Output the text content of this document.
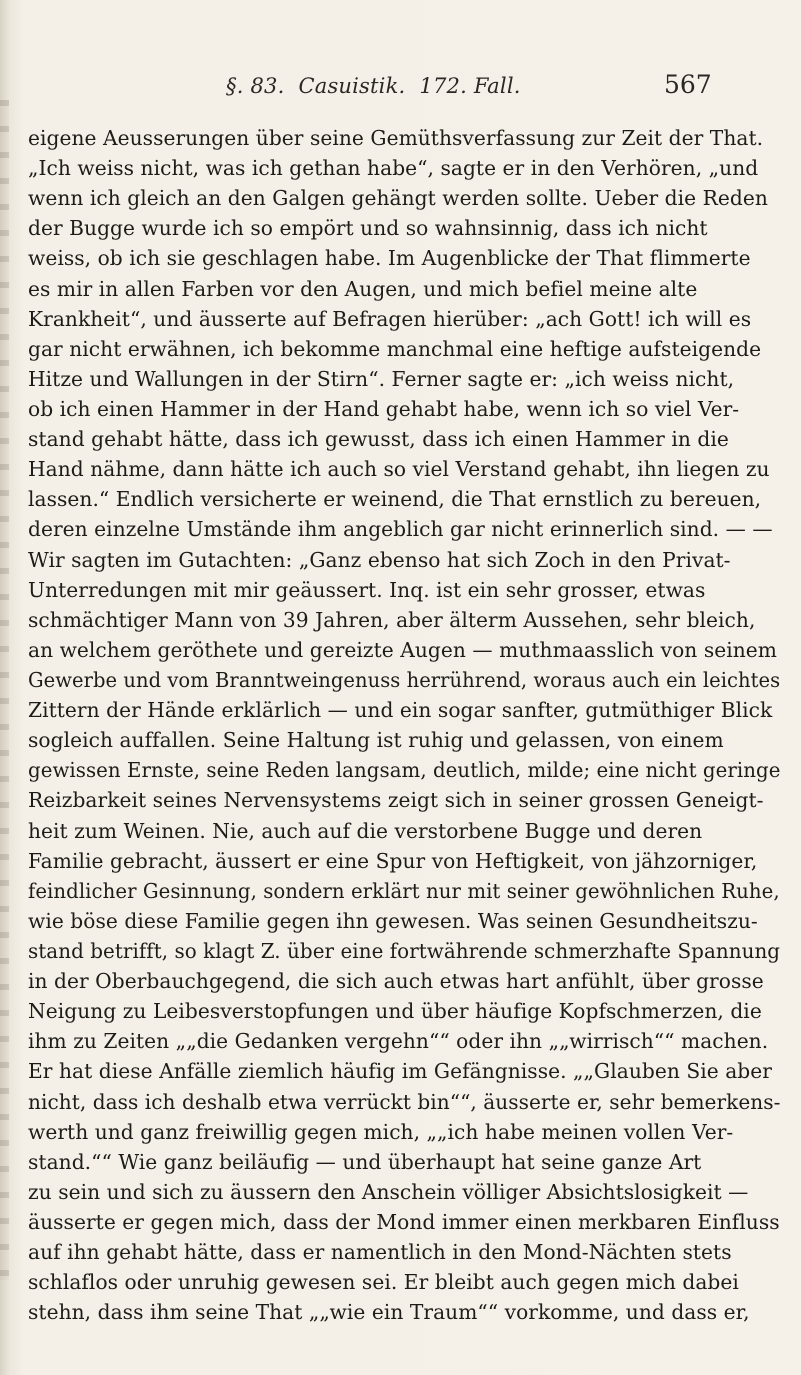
§. 83. Casuistik. 172. Fall.	567
eigene Aeusserungen über seine Gemüthsverfassung zur Zeit der That.
„Ich weiss nicht, was ich gethan habe“, sagte er in den Verhören, „und
wenn ich gleich an den Galgen gehängt werden sollte. Ueber die Reden
der Bugge wurde ich so empört und so wahnsinnig, dass ich nicht
weiss, ob ich sie geschlagen habe. Im Augenblicke der That flimmerte
es mir in allen Farben vor den Augen, und mich befiel meine alte
Krankheit“, und äusserte auf Befragen hierüber: „ach Gott! ich will es
gar nicht erwähnen, ich bekomme manchmal eine heftige aufsteigende
Hitze und Wallungen in der Stirn“. Ferner sagte er: „ich weiss nicht,
ob ich einen Hammer in der Hand gehabt habe, wenn ich so viel Ver-
stand gehabt hätte, dass ich gewusst, dass ich einen Hammer in die
Hand nähme, dann hätte ich auch so viel Verstand gehabt, ihn liegen zu
lassen.“ Endlich versicherte er weinend, die That ernstlich zu bereuen,
deren einzelne Umstände ihm angeblich gar nicht erinnerlich sind. — —
Wir sagten im Gutachten: „Ganz ebenso hat sich Zoch in den Privat-
Unterredungen mit mir geäussert. Inq. ist ein sehr grosser, etwas
schmächtiger Mann von 39 Jahren, aber älterm Aussehen, sehr bleich,
an welchem geröthete und gereizte Augen — muthmaasslich von seinem
Gewerbe und vom Branntweingenuss herrührend, woraus auch ein leichtes
Zittern der Hände erklärlich — und ein sogar sanfter, gutmüthiger Blick
sogleich auffallen. Seine Haltung ist ruhig und gelassen, von einem
gewissen Ernste, seine Reden langsam, deutlich, milde; eine nicht geringe
Reizbarkeit seines Nervensystems zeigt sich in seiner grossen Geneigt-
heit zum Weinen. Nie, auch auf die verstorbene Bugge und deren
Familie gebracht, äussert er eine Spur von Heftigkeit, von jähzorniger,
feindlicher Gesinnung, sondern erklärt nur mit seiner gewöhnlichen Ruhe,
wie böse diese Familie gegen ihn gewesen. Was seinen Gesundheitszu-
stand betrifft, so klagt Z. über eine fortwährende schmerzhafte Spannung
in der Oberbauchgegend, die sich auch etwas hart anfühlt, über grosse
Neigung zu Leibesverstopfungen und über häufige Kopfschmerzen, die
ihm zu Zeiten „„die Gedanken vergehn““ oder ihn „„wirrisch““ machen.
Er hat diese Anfälle ziemlich häufig im Gefängnisse. „„Glauben Sie aber
nicht, dass ich deshalb etwa verrückt bin““, äusserte er, sehr bemerkens-
werth und ganz freiwillig gegen mich, „„ich habe meinen vollen Ver-
stand.““ Wie ganz beiläufig — und überhaupt hat seine ganze Art
zu sein und sich zu äussern den Anschein völliger Absichtslosigkeit —
äusserte er gegen mich, dass der Mond immer einen merkbaren Einfluss
auf ihn gehabt hätte, dass er namentlich in den Mond-Nächten stets
schlaflos oder unruhig gewesen sei. Er bleibt auch gegen mich dabei
stehn, dass ihm seine That „„wie ein Traum““ vorkomme, und dass er,
